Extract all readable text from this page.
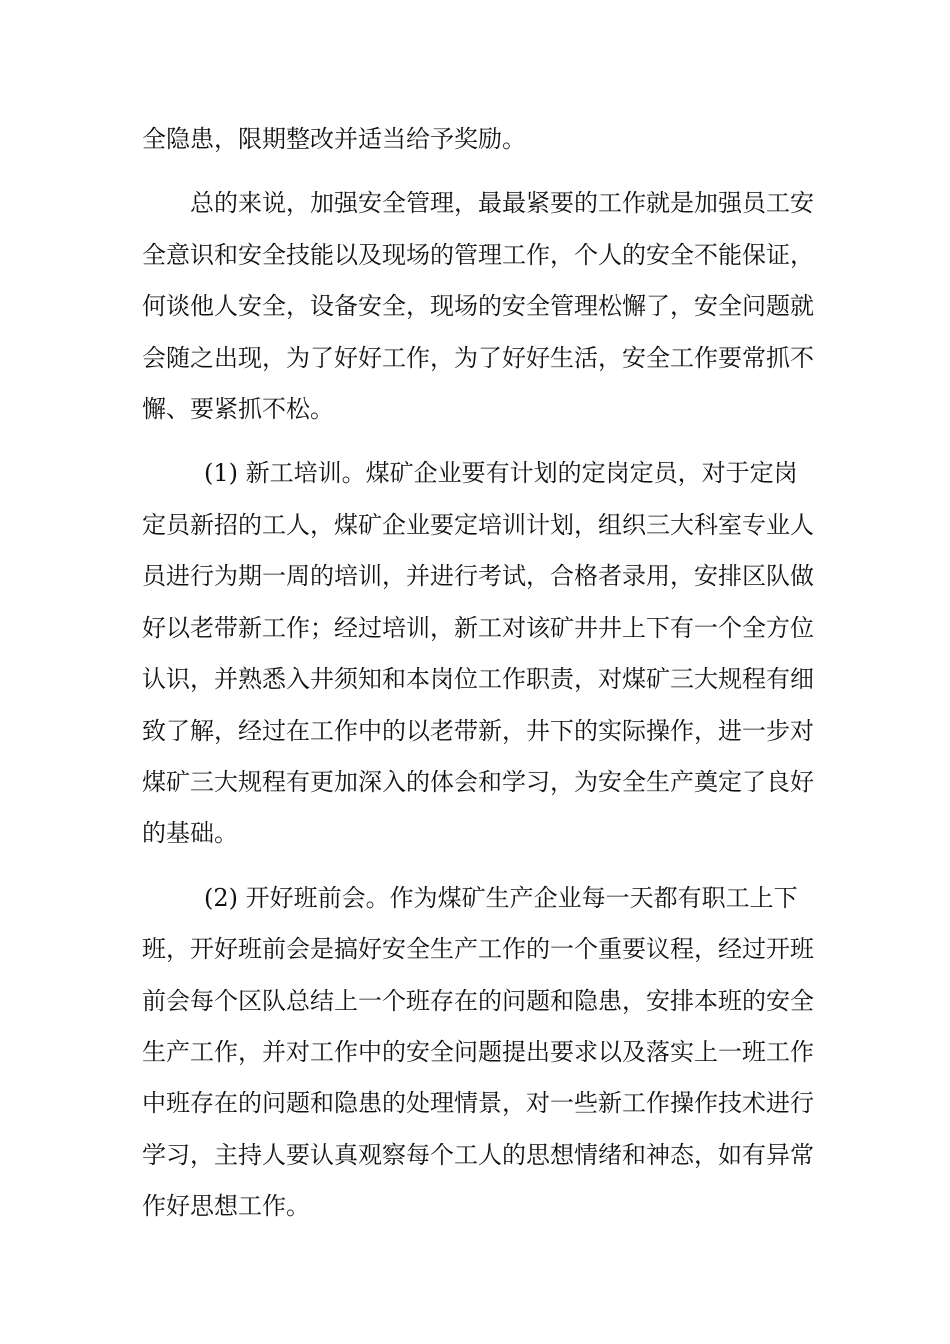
全隐患，限期整改并适当给予奖励。

总的来说，加强安全管理，最最紧要的工作就是加强员工安

全意识和安全技能以及现场的管理工作，个人的安全不能保证，

何谈他人安全，设备安全，现场的安全管理松懈了，安全问题就

会随之出现，为了好好工作，为了好好生活，安全工作要常抓不

懈、要紧抓不松。

(1) 新工培训。煤矿企业要有计划的定岗定员，对于定岗

定员新招的工人，煤矿企业要定培训计划，组织三大科室专业人

员进行为期一周的培训，并进行考试，合格者录用，安排区队做

好以老带新工作；经过培训，新工对该矿井井上下有一个全方位

认识，并熟悉入井须知和本岗位工作职责，对煤矿三大规程有细

致了解，经过在工作中的以老带新，井下的实际操作，进一步对

煤矿三大规程有更加深入的体会和学习，为安全生产奠定了良好

的基础。

(2) 开好班前会。作为煤矿生产企业每一天都有职工上下

班，开好班前会是搞好安全生产工作的一个重要议程，经过开班

前会每个区队总结上一个班存在的问题和隐患，安排本班的安全

生产工作，并对工作中的安全问题提出要求以及落实上一班工作

中班存在的问题和隐患的处理情景，对一些新工作操作技术进行

学习，主持人要认真观察每个工人的思想情绪和神态，如有异常

作好思想工作。
